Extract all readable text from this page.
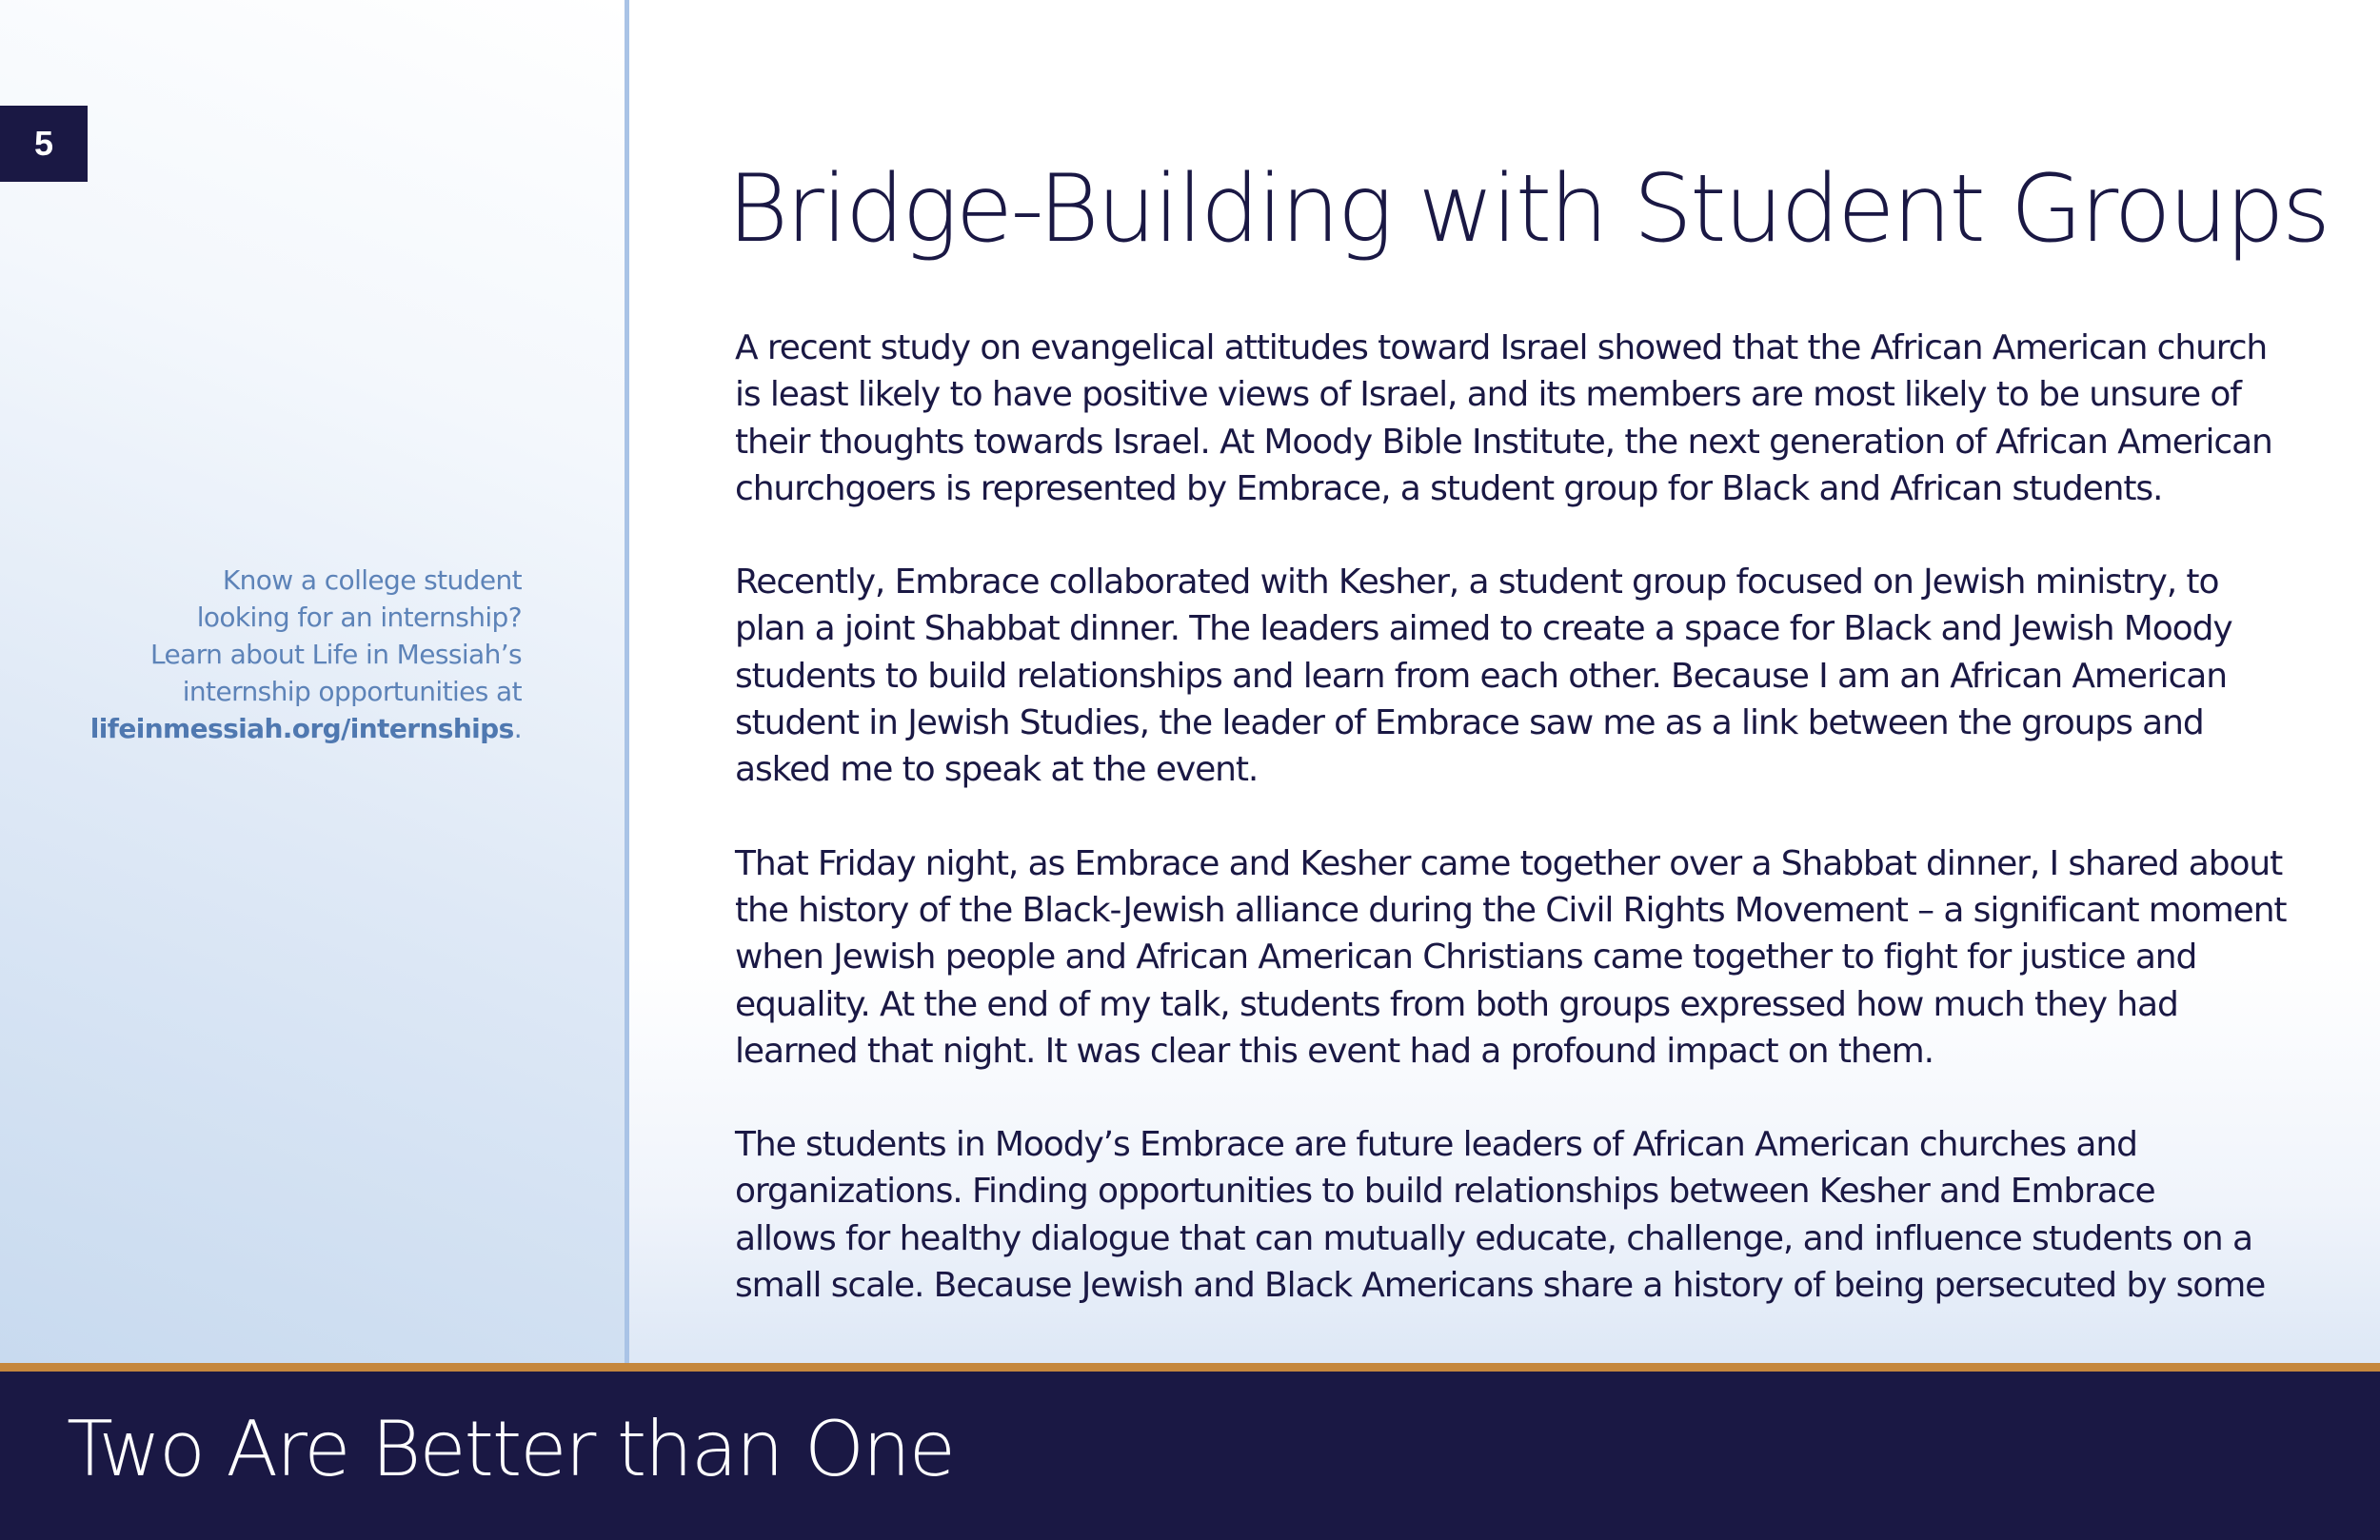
5
Know a college student
looking for an internship?
Learn about Life in Messiah’s
internship opportunities at
lifeinmessiah.org/internships.
Bridge-Building with Student Groups

A recent study on evangelical attitudes toward Israel showed that the African American church
is least likely to have positive views of Israel, and its members are most likely to be unsure of
their thoughts towards Israel. At Moody Bible Institute, the next generation of African American
churchgoers is represented by Embrace, a student group for Black and African students.

Recently, Embrace collaborated with Kesher, a student group focused on Jewish ministry, to
plan a joint Shabbat dinner. The leaders aimed to create a space for Black and Jewish Moody
students to build relationships and learn from each other. Because I am an African American
student in Jewish Studies, the leader of Embrace saw me as a link between the groups and
asked me to speak at the event.

That Friday night, as Embrace and Kesher came together over a Shabbat dinner, I shared about
the history of the Black-Jewish alliance during the Civil Rights Movement – a significant moment
when Jewish people and African American Christians came together to fight for justice and
equality. At the end of my talk, students from both groups expressed how much they had
learned that night. It was clear this event had a profound impact on them.

The students in Moody’s Embrace are future leaders of African American churches and
organizations. Finding opportunities to build relationships between Kesher and Embrace
allows for healthy dialogue that can mutually educate, challenge, and influence students on a
small scale. Because Jewish and Black Americans share a history of being persecuted by some

Two Are Better than One
